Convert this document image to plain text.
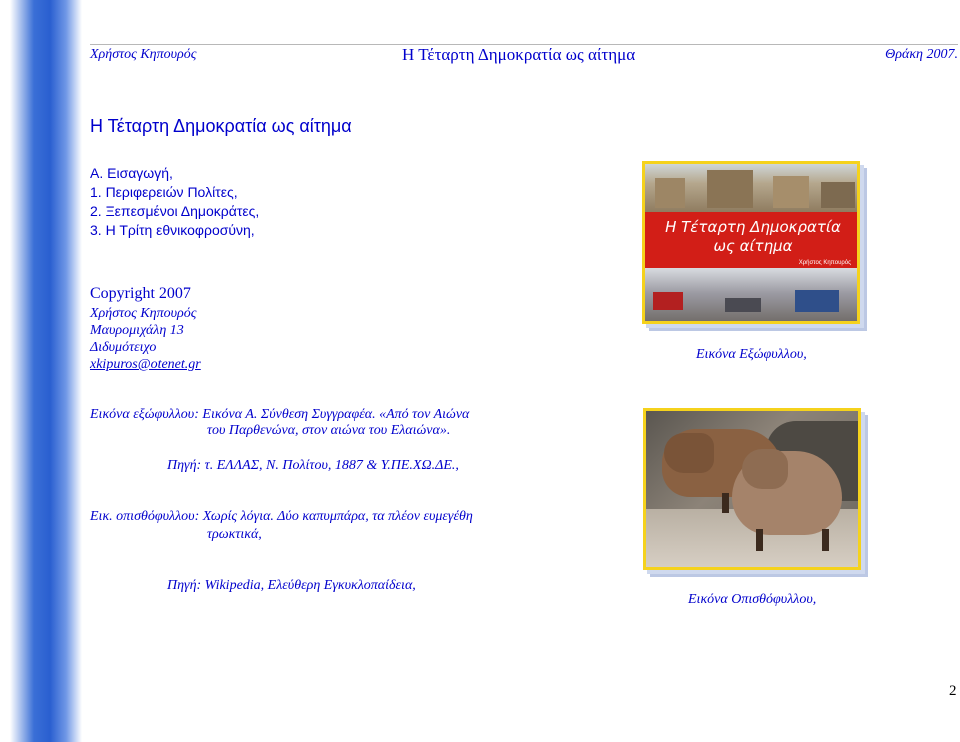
Χρήστος Κηπουρός	Η Τέταρτη Δημοκρατία ως αίτημα	Θράκη 2007.
Η Τέταρτη Δημοκρατία ως αίτημα
Α. Εισαγωγή,
1. Περιφερειών Πολίτες,
2. Ξεπεσμένοι Δημοκράτες,
3. Η Τρίτη εθνικοφροσύνη,
Copyright 2007
Χρήστος Κηπουρός
Μαυρομιχάλη 13
Διδυμότειχο
xkipuros@otenet.gr
Η Τέταρτη Δημοκρατία ως αίτημα
Χρήστος Κηπουρός
Εικόνα Εξώφυλλου,
Εικόνα εξώφυλλου: Εικόνα Α. Σύνθεση Συγγραφέα. «Από τον Αιώνα
του Παρθενώνα, στον αιώνα του Ελαιώνα».
Πηγή: τ. ΕΛΛΑΣ, Ν. Πολίτου, 1887 & Υ.ΠΕ.ΧΩ.ΔΕ.,
Εικ. οπισθόφυλλου: Χωρίς λόγια. Δύο καπυμπάρα, τα πλέον ευμεγέθη
τρωκτικά,
Πηγή: Wikipedia, Ελεύθερη Εγκυκλοπαίδεια,
Εικόνα Οπισθόφυλλου,
2
